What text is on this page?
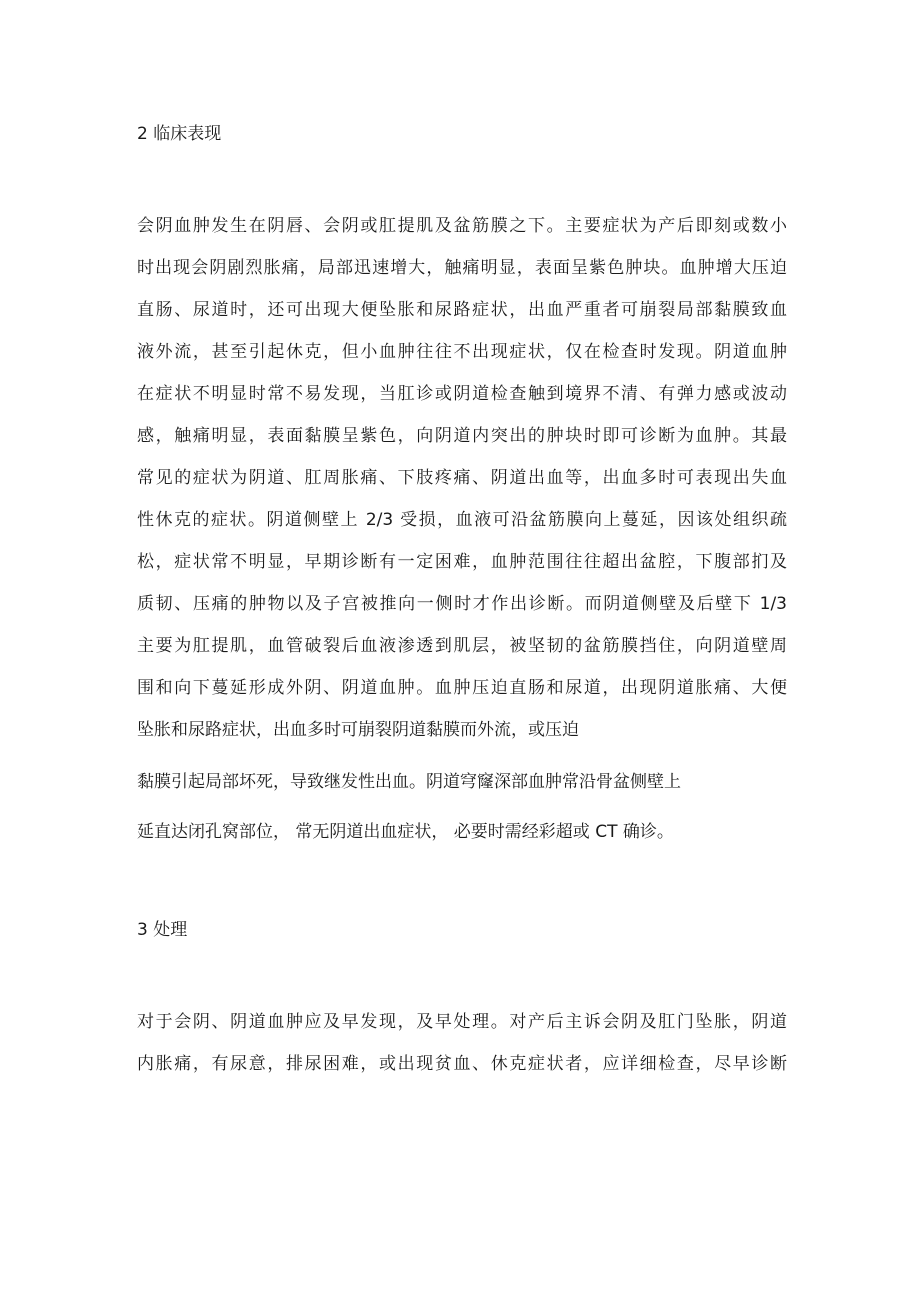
2 临床表现

会阴血肿发生在阴唇、会阴或肛提肌及盆筋膜之下。主要症状为产后即刻或数小

时出现会阴剧烈胀痛，局部迅速增大，触痛明显，表面呈紫色肿块。血肿增大压迫

直肠、尿道时，还可出现大便坠胀和尿路症状，出血严重者可崩裂局部黏膜致血

液外流，甚至引起休克，但小血肿往往不出现症状，仅在检查时发现。阴道血肿

在症状不明显时常不易发现，当肛诊或阴道检查触到境界不清、有弹力感或波动

感，触痛明显，表面黏膜呈紫色，向阴道内突出的肿块时即可诊断为血肿。其最

常见的症状为阴道、肛周胀痛、下肢疼痛、阴道出血等，出血多时可表现出失血

性休克的症状。阴道侧壁上 2/3 受损，血液可沿盆筋膜向上蔓延，因该处组织疏

松，症状常不明显，早期诊断有一定困难，血肿范围往往超出盆腔，下腹部扪及

质韧、压痛的肿物以及子宫被推向一侧时才作出诊断。而阴道侧壁及后壁下 1/3

主要为肛提肌，血管破裂后血液渗透到肌层，被坚韧的盆筋膜挡住，向阴道壁周

围和向下蔓延形成外阴、阴道血肿。血肿压迫直肠和尿道，出现阴道胀痛、大便

坠胀和尿路症状，出血多时可崩裂阴道黏膜而外流，或压迫

黏膜引起局部坏死，导致继发性出血。阴道穹窿深部血肿常沿骨盆侧壁上

延直达闭孔窝部位， 常无阴道出血症状， 必要时需经彩超或 CT 确诊。

3 处理

对于会阴、阴道血肿应及早发现，及早处理。对产后主诉会阴及肛门坠胀，阴道

内胀痛，有尿意，排尿困难，或出现贫血、休克症状者，应详细检查，尽早诊断
